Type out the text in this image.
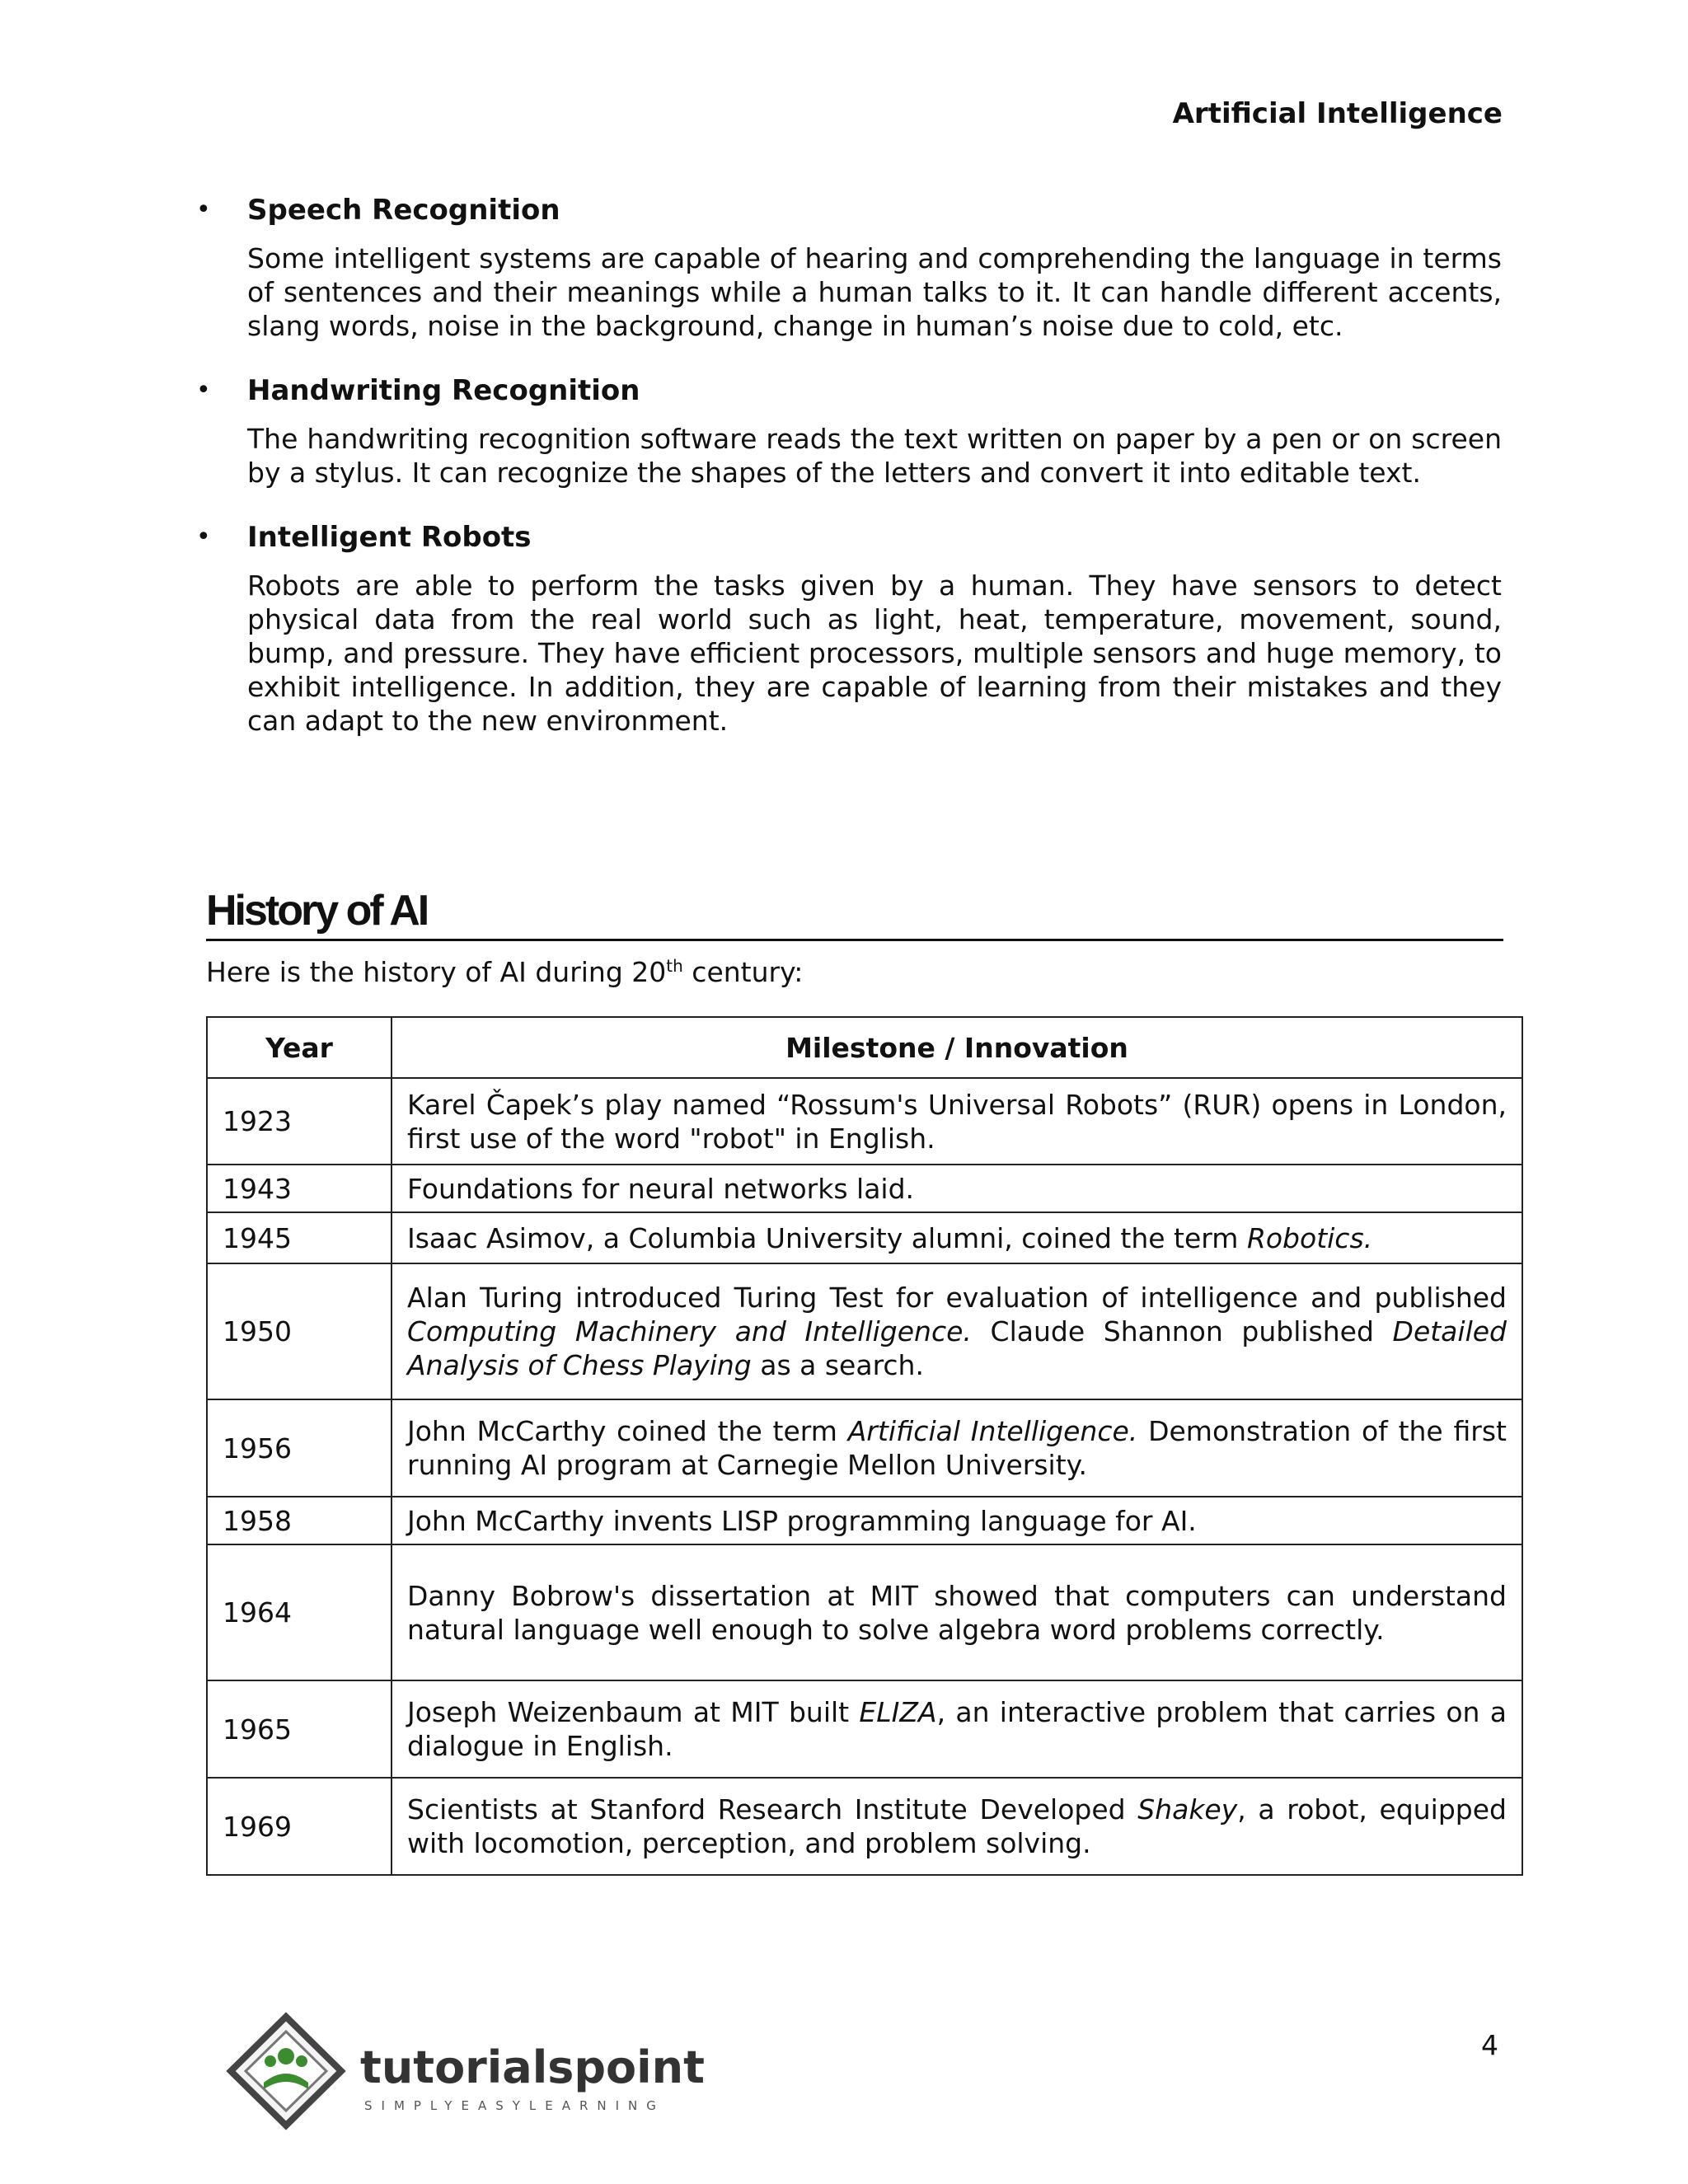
Artificial Intelligence
• Speech Recognition

Some intelligent systems are capable of hearing and comprehending the language in terms of sentences and their meanings while a human talks to it. It can handle different accents, slang words, noise in the background, change in human’s noise due to cold, etc.

• Handwriting Recognition

The handwriting recognition software reads the text written on paper by a pen or on screen by a stylus. It can recognize the shapes of the letters and convert it into editable text.

• Intelligent Robots

Robots are able to perform the tasks given by a human. They have sensors to detect physical data from the real world such as light, heat, temperature, movement, sound, bump, and pressure. They have efficient processors, multiple sensors and huge memory, to exhibit intelligence. In addition, they are capable of learning from their mistakes and they can adapt to the new environment.

History of AI
Here is the history of AI during 20th century:
Year	Milestone / Innovation
1923	Karel Čapek’s play named “Rossum's Universal Robots” (RUR) opens in London, first use of the word "robot" in English.
1943	Foundations for neural networks laid.
1945	Isaac Asimov, a Columbia University alumni, coined the term Robotics.
1950	Alan Turing introduced Turing Test for evaluation of intelligence and published Computing Machinery and Intelligence. Claude Shannon published Detailed Analysis of Chess Playing as a search.
1956	John McCarthy coined the term Artificial Intelligence. Demonstration of the first running AI program at Carnegie Mellon University.
1958	John McCarthy invents LISP programming language for AI.
1964	Danny Bobrow's dissertation at MIT showed that computers can understand natural language well enough to solve algebra word problems correctly.
1965	Joseph Weizenbaum at MIT built ELIZA, an interactive problem that carries on a dialogue in English.
1969	Scientists at Stanford Research Institute Developed Shakey, a robot, equipped with locomotion, perception, and problem solving.
tutorialspoint
SIMPLYEASYLEARNING
4
